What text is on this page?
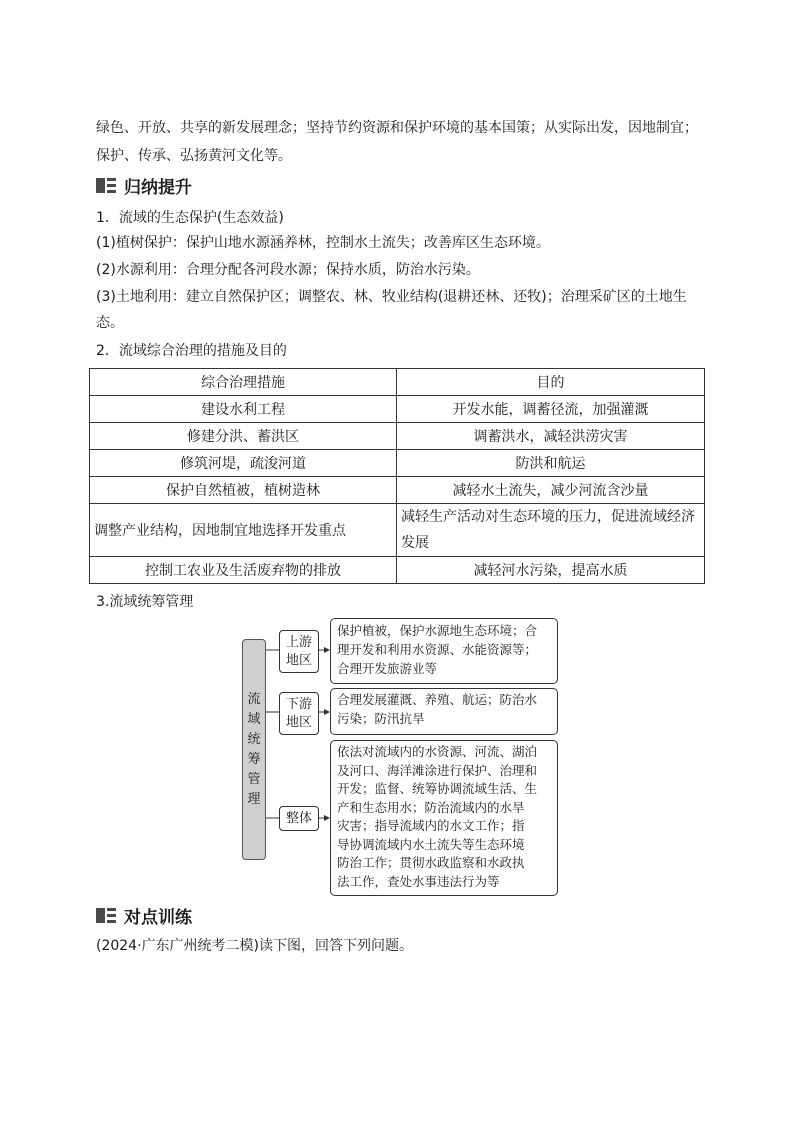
绿色、开放、共享的新发展理念；坚持节约资源和保护环境的基本国策；从实际出发，因地制宜；
保护、传承、弘扬黄河文化等。
归纳提升
1．流域的生态保护(生态效益)
(1)植树保护：保护山地水源涵养林，控制水土流失；改善库区生态环境。
(2)水源利用：合理分配各河段水源；保持水质，防治水污染。
(3)土地利用：建立自然保护区；调整农、林、牧业结构(退耕还林、还牧)；治理采矿区的土地生
态。
2．流域综合治理的措施及目的
综合治理措施	目的
建设水利工程	开发水能，调蓄径流，加强灌溉
修建分洪、蓄洪区	调蓄洪水，减轻洪涝灾害
修筑河堤，疏浚河道	防洪和航运
保护自然植被，植树造林	减轻水土流失，减少河流含沙量
调整产业结构，因地制宜地选择开发重点	减轻生产活动对生态环境的压力，促进流域经济
发展

控制工农业及生活废弃物的排放	减轻河水污染，提高水质
3.流域统筹管理
流
域
统
筹
管
理
上游
地区
下游
地区
整体
保护植被，保护水源地生态环境；合
理开发和利用水资源、水能资源等；
合理开发旅游业等
合理发展灌溉、养殖、航运；防治水
污染；防汛抗旱
依法对流域内的水资源、河流、湖泊
及河口、海洋滩涂进行保护、治理和
开发；监督、统筹协调流域生活、生
产和生态用水；防治流域内的水旱
灾害；指导流域内的水文工作；指
导协调流域内水土流失等生态环境
防治工作；贯彻水政监察和水政执
法工作，查处水事违法行为等
对点训练
(2024·广东广州统考二模)读下图，回答下列问题。
